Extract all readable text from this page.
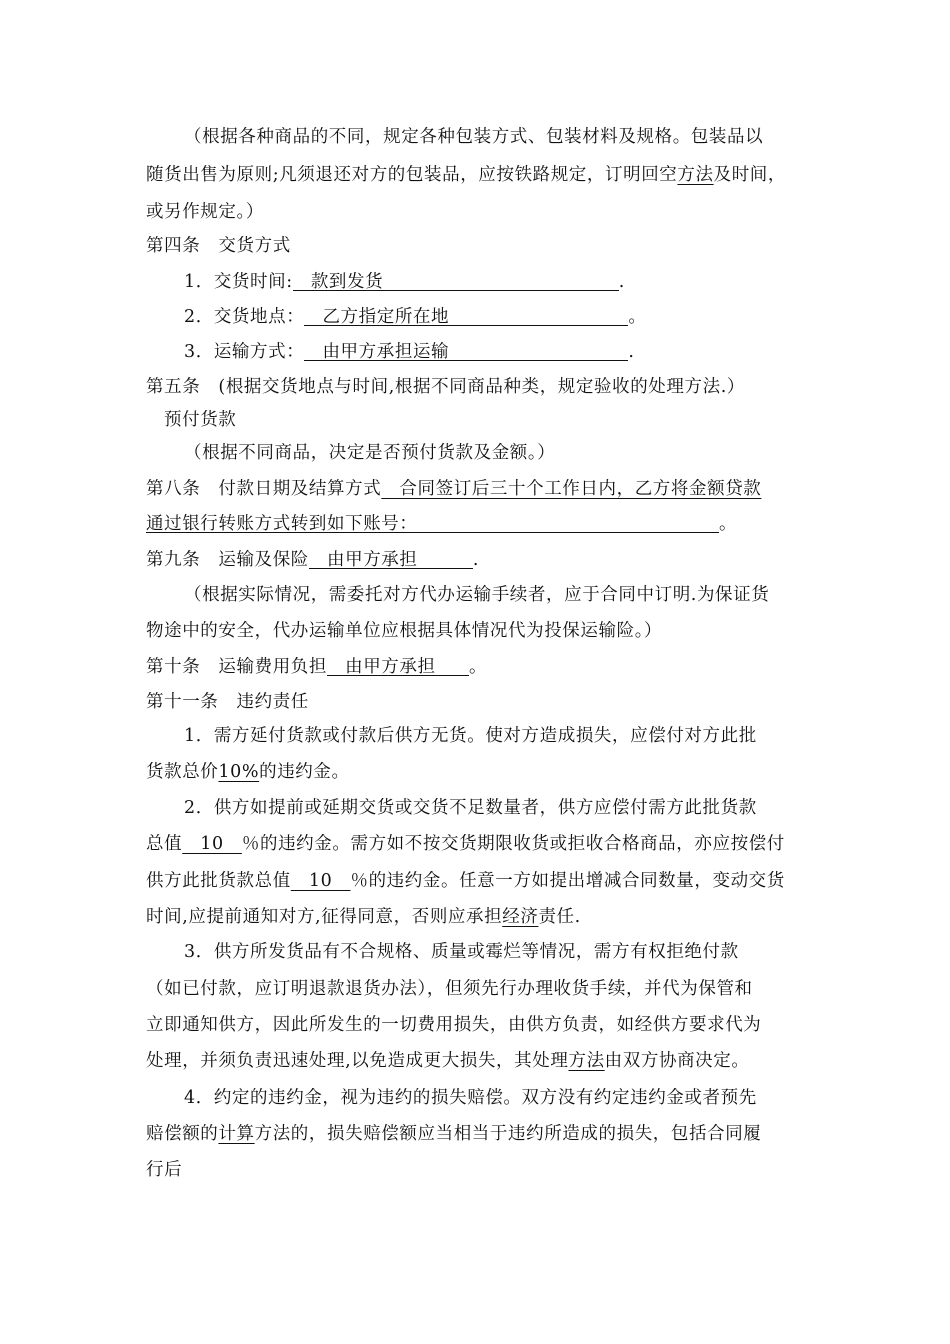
（根据各种商品的不同，规定各种包装方式、包装材料及规格。包装品以
随货出售为原则;凡须退还对方的包装品，应按铁路规定，订明回空方法及时间，
或另作规定。）
第四条　交货方式
1．交货时间:　款到发货	.
2．交货地点：　乙方指定所在地	。
3．运输方式：　由甲方承担运输	.
第五条　(根据交货地点与时间,根据不同商品种类，规定验收的处理方法.）
预付货款
（根据不同商品，决定是否预付货款及金额。）
第八条　付款日期及结算方式　合同签订后三十个工作日内，乙方将金额贷款
通过银行转账方式转到如下账号：	。
第九条　运输及保险　由甲方承担	.
（根据实际情况，需委托对方代办运输手续者，应于合同中订明.为保证货
物途中的安全，代办运输单位应根据具体情况代为投保运输险。）
第十条　运输费用负担　由甲方承担 。
第十一条　违约责任
1．需方延付货款或付款后供方无货。使对方造成损失，应偿付对方此批
货款总价10%的违约金。
2．供方如提前或延期交货或交货不足数量者，供方应偿付需方此批货款
总值　10　％的违约金。需方如不按交货期限收货或拒收合格商品，亦应按偿付
供方此批货款总值　10　％的违约金。任意一方如提出增减合同数量，变动交货
时间,应提前通知对方,征得同意，否则应承担经济责任.
3．供方所发货品有不合规格、质量或霉烂等情况，需方有权拒绝付款
（如已付款，应订明退款退货办法），但须先行办理收货手续，并代为保管和
立即通知供方，因此所发生的一切费用损失，由供方负责，如经供方要求代为
处理，并须负责迅速处理,以免造成更大损失，其处理方法由双方协商决定。
4．约定的违约金，视为违约的损失赔偿。双方没有约定违约金或者预先
赔偿额的计算方法的，损失赔偿额应当相当于违约所造成的损失，包括合同履
行后
